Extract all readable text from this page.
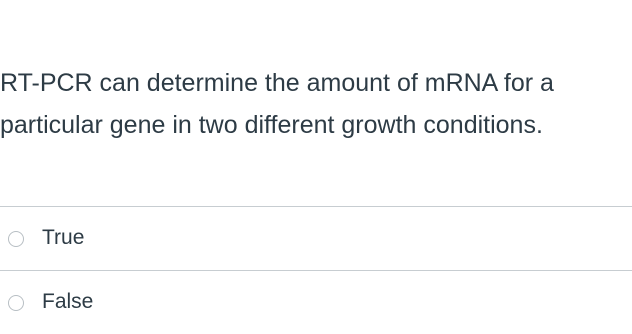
RT-PCR can determine the amount of mRNA for a
particular gene in two different growth conditions.
True
False
